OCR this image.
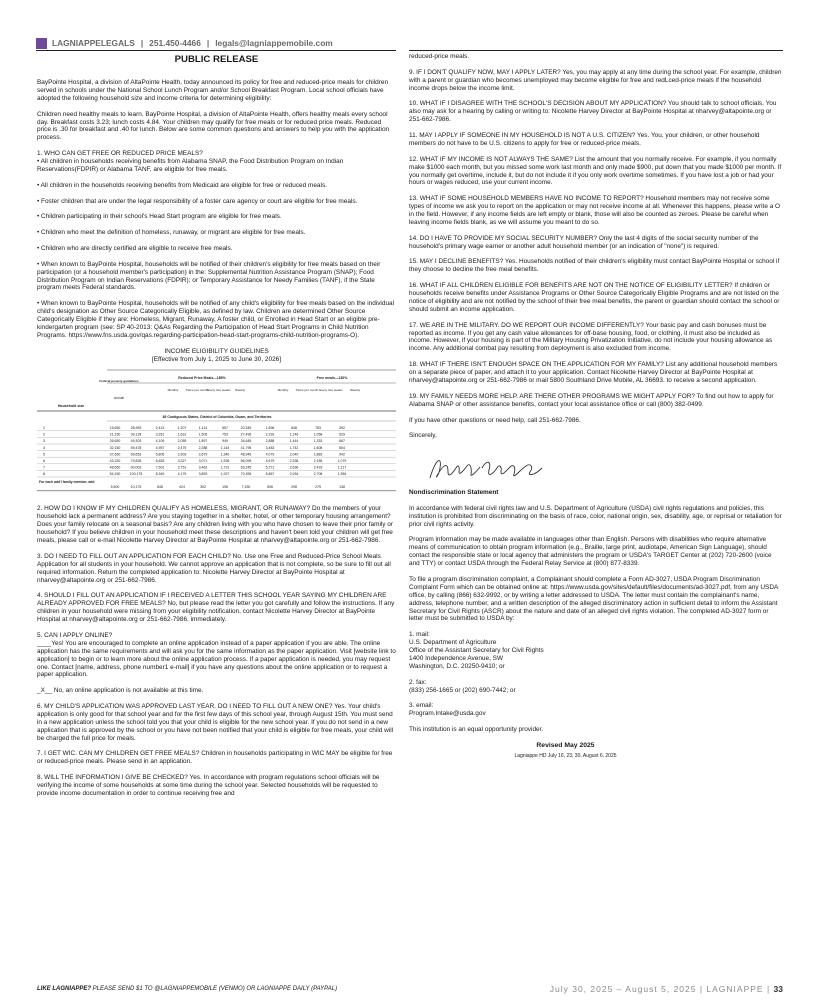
LAGNIAPPELEGALS | 251.450-4466 | legals@lagniappemobile.com
PUBLIC RELEASE

BayPointe Hospital, a division of AltaPointe Health, today announced its policy for free and reduced-price meals for children served in schools under the National School Lunch Program and/or School Breakfast Program. Local school officials have adopted the following household size and income criteria for determining eligibility:

Children need healthy meals to learn. BayPointe Hospital, a division of AltaPointe Health, offers healthy meals every school day. Breakfast costs 3.23; lunch costs 4.84. Your children may qualify for free meals or for reduced price meals. Reduced price is .30 for breakfast and .40 for lunch. Below are some common questions and answers to help you with the application process.

1. WHO CAN GET FREE OR REDUCED PRICE MEALS?
• All children in households receiving benefits from Alabama SNAP, the Food Distribution Program on Indian Reservations(FDPIR) or Alabama TANF, are eligible for free meals.

• All children in the households receiving benefits from Medicaid are eligible for free or reduced meals.

• Foster children that are under the legal responsibility of a foster care agency or court are eligible for free meals.

• Children participating in their school's Head Start program are eligible for free meals.

• Children who meet the definition of homeless, runaway, or migrant are eligible for free meals.

• Children who are directly certified are eligible to receive free meals.

• When known to BayPointe Hospital, households will be notified of their children's eligibility for free meals based on their participation (or a household member's participation) in the: Supplemental Nutrition Assistance Program (SNAP); Food Distribution Program on Indian Reservations (FDPIR); or Temporary Assistance for Needy Families (TANF), if the State program meets Federal standards.

• When known to BayPointe Hospital, households will be notified of any child's eligibility for free meals based on the individual child's designation as Other Source Categorically Eligible, as defined by law. Children are determined Other Source Categorically Eligible if they are: Homeless, Migrant, Runaway, A foster child, or Enrolled in Head Start or an eligible pre-kindergarten program (see: SP 40-2013: Q&As Regarding the Participation of Head Start Programs in Child Nutrition Programs. https://www.fns.usda.gov/qas.regarding-participation-head-start-programs-child-nutrition-programs-O).

INCOME ELIGIBILITY GUIDELINES
[Effective from July 1, 2025 to June 30, 2026]
Household size
Federal poverty guidelines
Annual
Reduced Price Meals—185%	Free meals—130%
Monthly Twice per month Every two weeks Weekly	Monthly Twice per month Every two weeks Weekly
48 Contiguous States, District of Columbia, Guam, and Territories
1	15,650	28,953	2,413	1,207	1,114	557	20,345	1,696	848	783	392
2	21,150	39,128	3,261	1,631	1,505	753	27,495	2,292	1,146	1,058	529
3	26,650	49,303	4,109	2,055	1,897	949	34,645	2,888	1,444	1,333	667
4	32,150	59,478	4,957	2,479	2,288	1,144	41,795	3,483	1,742	1,608	804
5	37,650	69,653	5,805	2,903	2,679	1,340	48,945	4,079	2,040	1,883	942
6	43,150	79,828	6,653	3,327	3,071	1,536	56,095	4,675	2,338	2,158	1,079
7	48,650	90,003	7,501	3,751	3,462	1,731	63,245	5,271	2,636	2,433	1,217
8	54,150	100,178	8,349	4,175	3,853	1,927	70,395	5,867	2,934	2,708	1,354
For each add'l family member, add
5,500	10,175	848	424	392	196	7,150	596	298	275	138

2. HOW DO I KNOW IF MY CHILDREN QUALIFY AS HOMELESS, MIGRANT, OR RUNAWAY? Do the members of your household lack a permanent address? Are you staying together in a shelter, hotel, or other temporary housing arrangement? Does your family relocate on a seasonal basis? Are any children living with you who have chosen to leave their prior family or household? If you believe children in your household meet these descriptions and haven't been told your children will get free meals, please call or e-mail Nicolette Harvey Director at BayPointe Hospital at nharvey@altapointe.org or 251-662-7986.

3. DO I NEED TO FILL OUT AN APPLICATION FOR EACH CHILD? No. Use one Free and Reduced-Price School Meals Application for all students in your household. We cannot approve an application that is not complete, so be sure to fill out all required information. Return the completed application to: Nicolette Harvey Director at BayPointe Hospital at nharvey@altapointe.org or 251-662-7986.

4. SHOULD I FILL OUT AN APPLICATION IF I RECEIVED A LETTER THIS SCHOOL YEAR SAYING MY CHILDREN ARE ALREADY APPROVED FOR FREE MEALS? No, but please read the letter you got carefully and follow the instructions. If any children in your household were missing from your eligibility notification, contact Nicolette Harvey Director at BayPointe Hospital at nharvey@altapointe.org or 251-662-7986. immediately.

5. CAN I APPLY ONLINE?
____Yes! You are encouraged to complete an online application instead of a paper application if you are able. The online application has the same requirements and will ask you for the same information as the paper application. Visit [website link to application] to begin or to learn more about the online application process. If a paper application is needed, you may request one. Contact [name, address, phone number1 e-mail] if you have any questions about the online application or to request a paper application.

_X__ No, an online application is not available at this time.

6. MY CHILD'S APPLICATION WAS APPROVED LAST YEAR. DO I NEED TO FILL OUT A NEW ONE? Yes. Your child's application is only good for that school year and for the first few days of this school year, through August 15th. You must send in a new application unless the school told you that your child is eligible for the new school year. If you do not send in a new application that is approved by the school or you have not been notified that your child is eligible for free meals, your child will be charged the full price for meals.

7. I GET WIC. CAN MY CHILDREN GET FREE MEALS? Children in households participating in WIC MAY be eligible for free or reduced-price meals. Please send in an application.

8. WILL THE INFORMATION I GIVE BE CHECKED? Yes. In accordance with program regulations school officials will be verifying the income of some households at some time during the school year. Selected households will be requested to provide income documentation in order to continue receiving free and

reduced-price meals.

9. IF I DON'T QUALIFY NOW, MAY I APPLY LATER? Yes, you may apply at any time during the school year. For example, children with a parent or guardian who becomes unemployed may become eligible for free and redLced-price meals if the household income drops below the income limit.

10. WHAT IF I DISAGREE WITH THE SCHOOL'S DECISION ABOUT MY APPLICATION? You should talk to school officials. You also may ask for a hearing by calling or writing to: Nicolette Harvey Director at BayPointe Hospital at nharvey@altapointe.org or 251-662-7986.

11. MAY I APPLY IF SOMEONE IN MY HOUSEHOLD IS NOT A U.S. CITIZEN? Yes. You, your children, or other household members do not have to be U.S. citizens to apply for free or reduced-price meals.

12. WHAT IF MY INCOME IS NOT ALWAYS THE SAME? List the amount that you normally receive. For example, if you normally make $1000 each month, but you missed some work last month and only made $900, put down that you made $1000 per month. If you normally get overtime, include it, but do not include it if you only work overtime sometimes. If you have lost a job or had your hours or wages reduced, use your current income.

13. WHAT IF SOME HOUSEHOLD MEMBERS HAVE NO INCOME TO REPORT? Household members may not receive some types of income we ask you to report on the application or may not receive income at all. Whenever this happens, please write a O in the field. However, if any income fields are left empty or blank, those will also be counted as zeroes. Please be careful when leaving income fields blank, as we will assume you meant to do so.

14. DO I HAVE TO PROVIDE MY SOCIAL SECURITY NUMBER? Only the last 4 digits of the social security number of the household's primary wage earner or another adult household member (or an indication of "none") is required.

15. MAY I DECLINE BENEFITS? Yes. Households notified of their children's eligibility must contact BayPointe Hospital or school if they choose to decline the free meal benefits.

16. WHAT IF ALL CHILDREN ELIGIBLE FOR BENEFITS ARE NOT ON THE NOTICE OF ELIGIBILITY LETTER? If children or households receive benefits under Assistance Programs or Other Source Categorically Eligible Programs and are not listed on the notice of eligibility and are not notified by the school of their free meal benefits, the parent or guardian should contact the school or should submit an income application.

17. WE ARE IN THE MILITARY. DO WE REPORT OUR INCOME DIFFERENTLY? Your basic pay and cash bonuses must be reported as income. If you get any cash value allowances for off-base housing, food, or clothing, it must also be included as income. However, if your housing is part of the Military Housing Privatization Initiative, do not include your housing allowance as income. Any additional combat pay resulting from deployment is also excluded from income.

18. WHAT IF THERE ISN'T ENOUGH SPACE ON THE APPLICATION FOR MY FAMILY? List any additional household members on a separate piece of paper, and attach it to your application. Contact Nicolette Harvey Director at BayPointe Hospital at nharvey@altapointe.org or 251-662-7986 or mail 5800 Southland Drive Mobile, AL 36693. to receive a second application.

19. MY FAMILY NEEDS MORE HELP. ARE THERE OTHER PROGRAMS WE MIGHT APPLY FOR? To find out how to apply for Alabama SNAP or other assistance benefits, contact your local assistance office or call (800) 382-0499.

If you have other questions or need help, call 251-662-7986.

Sincerely,

Nondiscrimination Statement

In accordance with federal civil rights law and U.S. Department of Agriculture (USDA) civil rights regulations and policies, this institution is prohibited from discriminating on the basis of race, color, national origin, sex, disability, age, or reprisal or retaliation for prior civil rights activity.

Program information may be made available in languages other than English. Persons with disabilities who require alternative means of communication to obtain program information (e.g., Braille, large print, audiotape, American Sign Language), should contact the responsible state or local agency that administers the program or USDA's TARGET Center at (202) 720-2600 (voice and TTY) or contact USDA through the Federal Relay Service at (800) 877-8339.

To file a program discrimination complaint, a Complainant should complete a Form AD-3027, USDA Program Discrimination Complaint Form which can be obtained online at: https://www.usda.gov/sites/default/files/documents/ad-3027.pdf, from any USDA office, by calling (866) 632-9992, or by writing a letter addressed to USDA. The letter must contain the complainant's name, address, telephone number, and a written description of the alleged discriminatory action in sufficient detail to inform the Assistant Secretary for Civil Rights (ASCR) about the nature and date of an alleged civil rights violation. The completed AD-3027 form or letter must be submitted to USDA by:

1. mail:
U.S. Department of Agriculture
Office of the Assistant Secretary for Civil Rights
1400 Independence Avenue, SW
Washington, D.C. 20250-9410; or

2. fax:
(833) 256-1665 or (202) 690-7442; or

3. email:
Program.Intake@usda.gov

This institution is an equal opportunity provider.

Revised May 2025
Lagniappe HD July 16, 23, 30, August 6, 2025
LIKE LAGNIAPPE? PLEASE SEND $1 TO @LAGNIAPPEMOBILE (VENMO) OR LAGNIAPPE DAILY (PAYPAL)	July 30, 2025 – August 5, 2025 | LAGNIAPPE | 33
